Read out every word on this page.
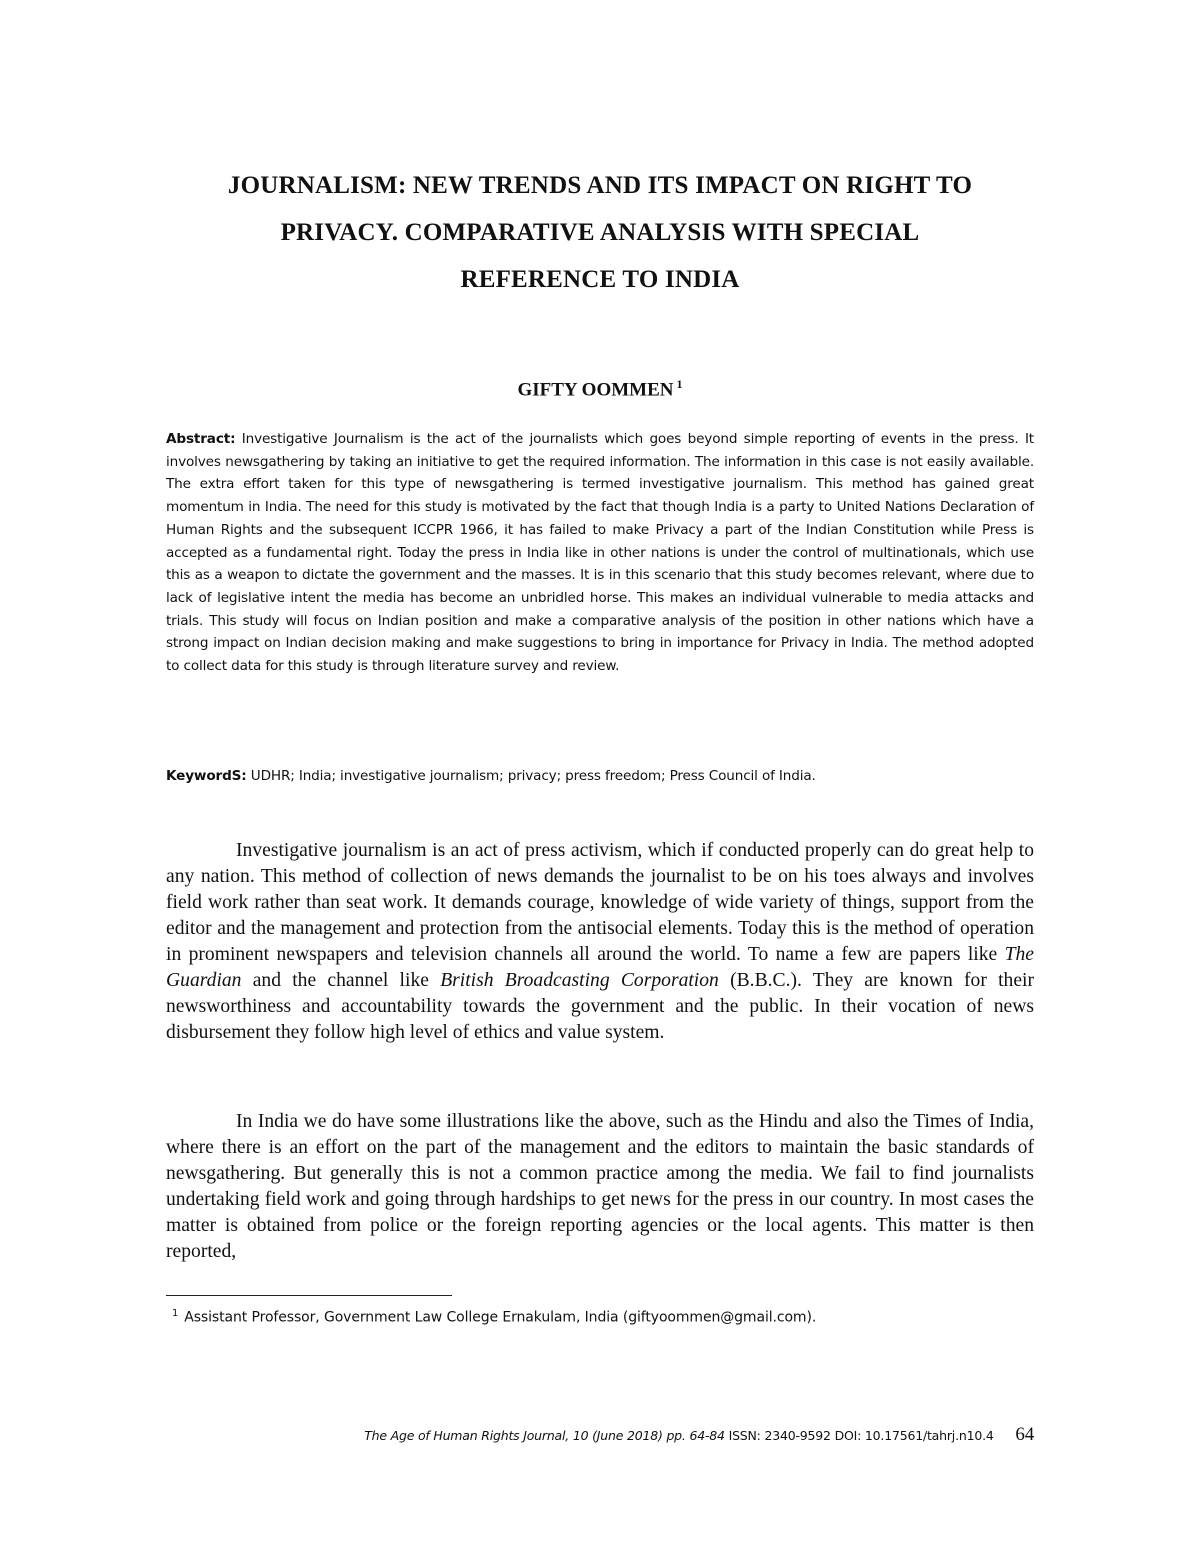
JOURNALISM: NEW TRENDS AND ITS IMPACT ON RIGHT TO
PRIVACY. COMPARATIVE ANALYSIS WITH SPECIAL
REFERENCE TO INDIA
GIFTY OOMMEN $^1$
Abstract: Investigative Journalism is the act of the journalists which goes beyond simple reporting of events in the press. It involves newsgathering by taking an initiative to get the required information. The information in this case is not easily available. The extra effort taken for this type of newsgathering is termed investigative journalism. This method has gained great momentum in India. The need for this study is motivated by the fact that though India is a party to United Nations Declaration of Human Rights and the subsequent ICCPR 1966, it has failed to make Privacy a part of the Indian Constitution while Press is accepted as a fundamental right. Today the press in India like in other nations is under the control of multinationals, which use this as a weapon to dictate the government and the masses. It is in this scenario that this study becomes relevant, where due to lack of legislative intent the media has become an unbridled horse. This makes an individual vulnerable to media attacks and trials. This study will focus on Indian position and make a comparative analysis of the position in other nations which have a strong impact on Indian decision making and make suggestions to bring in importance for Privacy in India. The method adopted to collect data for this study is through literature survey and review.
KeywordS: UDHR; India; investigative journalism; privacy; press freedom; Press Council of India.

Investigative journalism is an act of press activism, which if conducted properly can do great help to any nation. This method of collection of news demands the journalist to be on his toes always and involves field work rather than seat work. It demands courage, knowledge of wide variety of things, support from the editor and the management and protection from the antisocial elements. Today this is the method of operation in prominent newspapers and television channels all around the world. To name a few are papers like The Guardian and the channel like British Broadcasting Corporation (B.B.C.). They are known for their newsworthiness and accountability towards the government and the public. In their vocation of news disbursement they follow high level of ethics and value system.

In India we do have some illustrations like the above, such as the Hindu and also the Times of India, where there is an effort on the part of the management and the editors to maintain the basic standards of newsgathering. But generally this is not a common practice among the media. We fail to find journalists undertaking field work and going through hardships to get news for the press in our country. In most cases the matter is obtained from police or the foreign reporting agencies or the local agents. This matter is then reported,

$^1$ Assistant Professor, Government Law College Ernakulam, India (giftyoommen@gmail.com).
The Age of Human Rights Journal, 10 (June 2018) pp. 64-84 ISSN: 2340-9592 DOI: 10.17561/tahrj.n10.4 64
